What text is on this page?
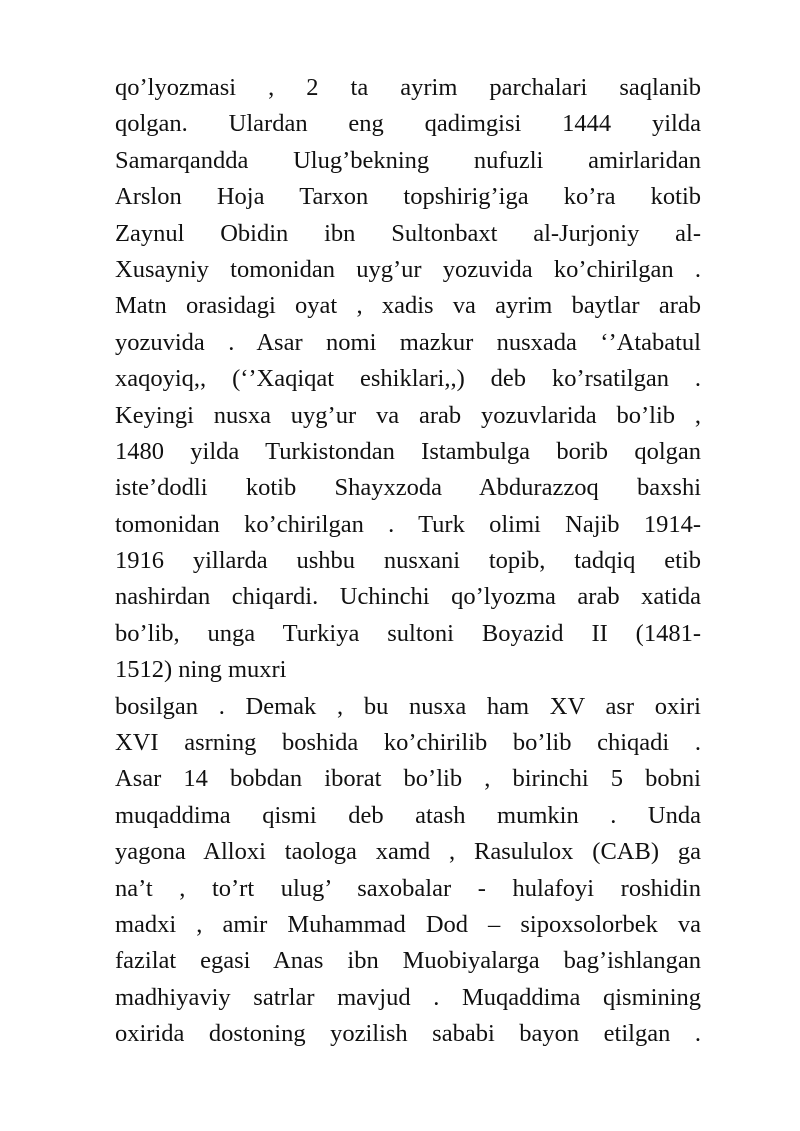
qo’lyozmasi , 2 ta ayrim parchalari saqlanib
qolgan. Ulardan eng qadimgisi 1444 yilda
Samarqandda Ulug’bekning nufuzli amirlaridan
Arslon Hoja Tarxon topshirig’iga ko’ra kotib
Zaynul Obidin ibn Sultonbaxt al-Jurjoniy al-
Xusayniy tomonidan uyg’ur yozuvida ko’chirilgan .
Matn orasidagi oyat , xadis va ayrim baytlar arab
yozuvida . Asar nomi mazkur nusxada ‘’Atabatul
xaqoyiq,, (‘’Xaqiqat eshiklari,,) deb ko’rsatilgan .
Keyingi nusxa uyg’ur va arab yozuvlarida bo’lib ,
1480 yilda Turkistondan Istambulga borib qolgan
iste’dodli kotib Shayxzoda Abdurazzoq baxshi
tomonidan ko’chirilgan . Turk olimi Najib 1914-
1916 yillarda ushbu nusxani topib, tadqiq etib
nashirdan chiqardi. Uchinchi qo’lyozma arab xatida
bo’lib, unga Turkiya sultoni Boyazid II (1481-
1512) ning muxri
bosilgan . Demak , bu nusxa ham XV asr oxiri
XVI asrning boshida ko’chirilib bo’lib chiqadi .
Asar 14 bobdan iborat bo’lib , birinchi 5 bobni
muqaddima qismi deb atash mumkin . Unda
yagona Alloxi taologa xamd , Rasululox (CAB) ga
na’t , to’rt ulug’ saxobalar - hulafoyi roshidin
madxi , amir Muhammad Dod – sipoxsolorbek va
fazilat egasi Anas ibn Muobiyalarga bag’ishlangan
madhiyaviy satrlar mavjud . Muqaddima qismining
oxirida dostoning yozilish sababi bayon etilgan .
